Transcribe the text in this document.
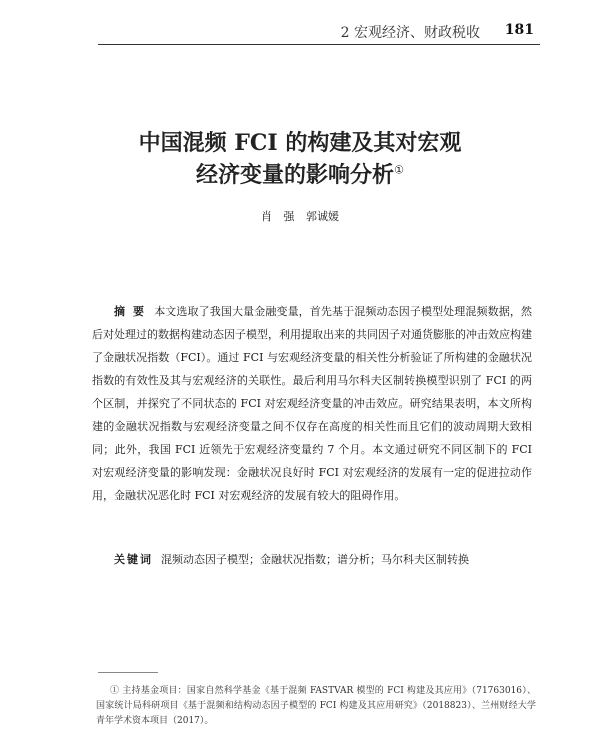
2 宏观经济、财政税收 181
中国混频 FCI 的构建及其对宏观
经济变量的影响分析①
肖 强 郭诚媛

摘 要 本文选取了我国大量金融变量，首先基于混频动态因子模型处理混频数据，然后对处理过的数据构建动态因子模型，利用提取出来的共同因子对通货膨胀的冲击效应构建了金融状况指数（FCI）。通过 FCI 与宏观经济变量的相关性分析验证了所构建的金融状况指数的有效性及其与宏观经济的关联性。最后利用马尔科夫区制转换模型识别了 FCI 的两个区制，并探究了不同状态的 FCI 对宏观经济变量的冲击效应。研究结果表明，本文所构建的金融状况指数与宏观经济变量之间不仅存在高度的相关性而且它们的波动周期大致相同；此外，我国 FCI 近领先于宏观经济变量约 7 个月。本文通过研究不同区制下的 FCI 对宏观经济变量的影响发现：金融状况良好时 FCI 对宏观经济的发展有一定的促进拉动作用，金融状况恶化时 FCI 对宏观经济的发展有较大的阻碍作用。

关键词 混频动态因子模型；金融状况指数；谱分析；马尔科夫区制转换

① 主持基金项目：国家自然科学基金《基于混频 FASTVAR 模型的 FCI 构建及其应用》（71763016）、国家统计局科研项目《基于混频和结构动态因子模型的 FCI 构建及其应用研究》（2018823）、兰州财经大学青年学术资本项目（2017）。
